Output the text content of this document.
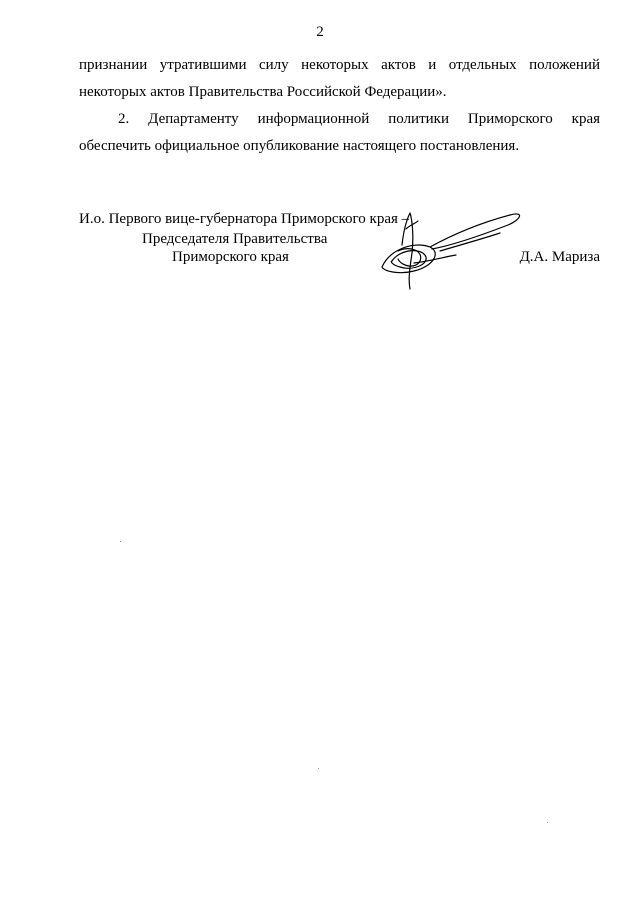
2

признании утратившими силу некоторых актов и отдельных положений
некоторых актов Правительства Российской Федерации».

2. Департаменту информационной политики Приморского края
обеспечить официальное опубликование настоящего постановления.

И.о. Первого вице-губернатора Приморского края –
Председателя Правительства
Приморского края	Д.А. Мариза
